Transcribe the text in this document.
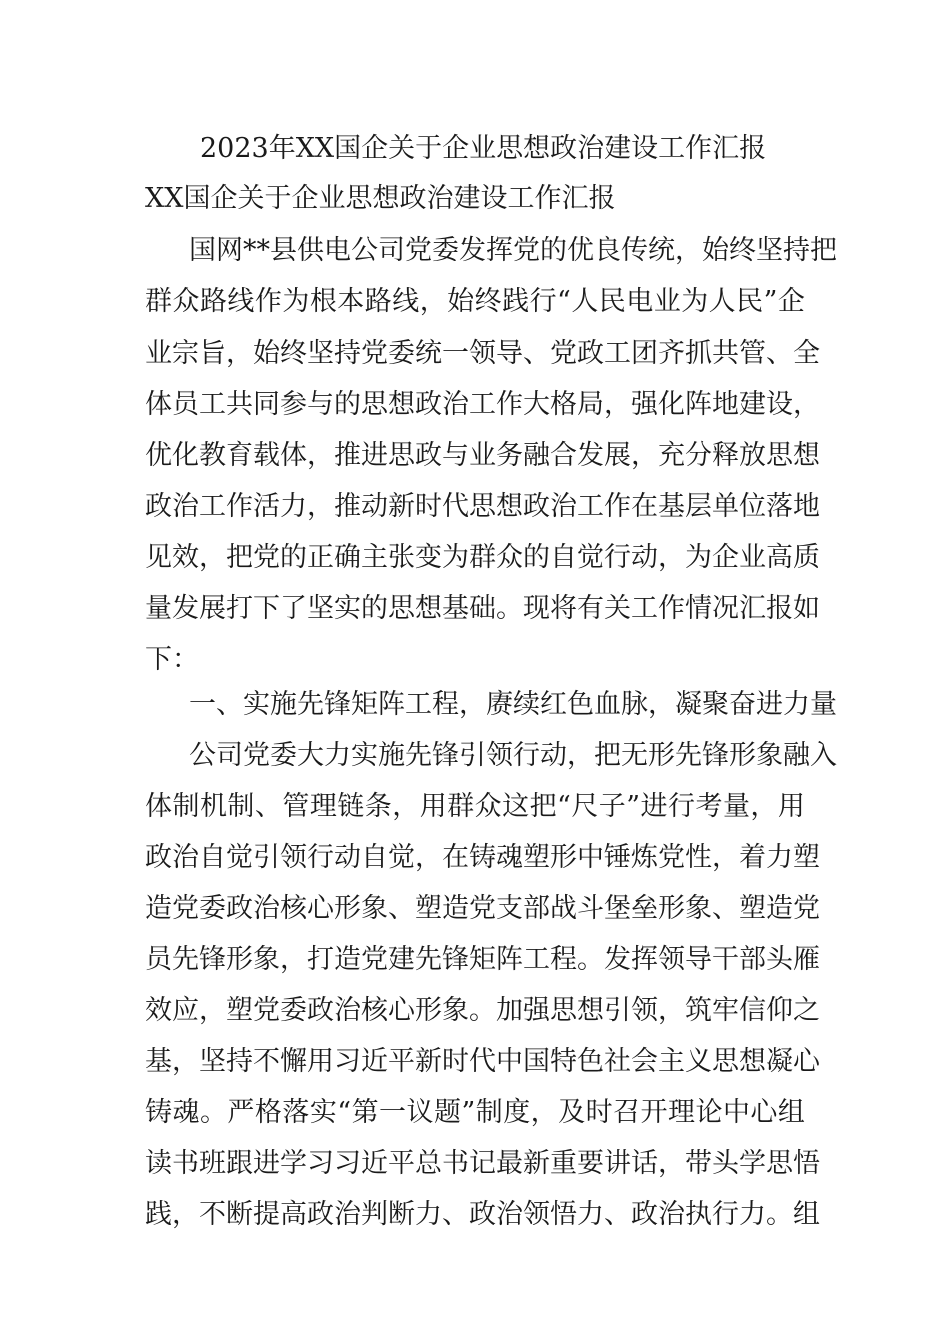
2023年XX国企关于企业思想政治建设工作汇报
XX国企关于企业思想政治建设工作汇报
国 网 * * 县 供 电 公 司 党 委 发 挥 党 的 优 良 传 统 ， 始 终 坚 持 把
群 众 路 线 作 为 根 本 路 线 ， 始 终 践 行 “ 人 民 电 业 为 人 民 ” 企
业 宗 旨 ， 始 终 坚 持 党 委 统 一 领 导 、 党 政 工 团 齐 抓 共 管 、 全
体 员 工 共 同 参 与 的 思 想 政 治 工 作 大 格 局 ， 强 化 阵 地 建 设 ，
优 化 教 育 载 体 ， 推 进 思 政 与 业 务 融 合 发 展 ， 充 分 释 放 思 想
政 治 工 作 活 力 ， 推 动 新 时 代 思 想 政 治 工 作 在 基 层 单 位 落 地
见 效 ， 把 党 的 正 确 主 张 变 为 群 众 的 自 觉 行 动 ， 为 企 业 高 质
量 发 展 打 下 了 坚 实 的 思 想 基 础 。 现 将 有 关 工 作 情 况 汇 报 如
下 ：
一 、 实 施 先 锋 矩 阵 工 程 ， 赓 续 红 色 血 脉 ， 凝 聚 奋 进 力 量
公 司 党 委 大 力 实 施 先 锋 引 领 行 动 ， 把 无 形 先 锋 形 象 融 入
体 制 机 制 、 管 理 链 条 ， 用 群 众 这 把 “ 尺 子 ” 进 行 考 量 ， 用
政 治 自 觉 引 领 行 动 自 觉 ， 在 铸 魂 塑 形 中 锤 炼 党 性 ， 着 力 塑
造 党 委 政 治 核 心 形 象 、 塑 造 党 支 部 战 斗 堡 垒 形 象 、 塑 造 党
员 先 锋 形 象 ， 打 造 党 建 先 锋 矩 阵 工 程 。 发 挥 领 导 干 部 头 雁
效 应 ， 塑 党 委 政 治 核 心 形 象 。 加 强 思 想 引 领 ， 筑 牢 信 仰 之
基 ， 坚 持 不 懈 用 习 近 平 新 时 代 中 国 特 色 社 会 主 义 思 想 凝 心
铸 魂 。 严 格 落 实 “ 第 一 议 题 ” 制 度 ， 及 时 召 开 理 论 中 心 组
读 书 班 跟 进 学 习 习 近 平 总 书 记 最 新 重 要 讲 话 ， 带 头 学 思 悟
践 ， 不 断 提 高 政 治 判 断 力 、 政 治 领 悟 力 、 政 治 执 行 力 。 组
